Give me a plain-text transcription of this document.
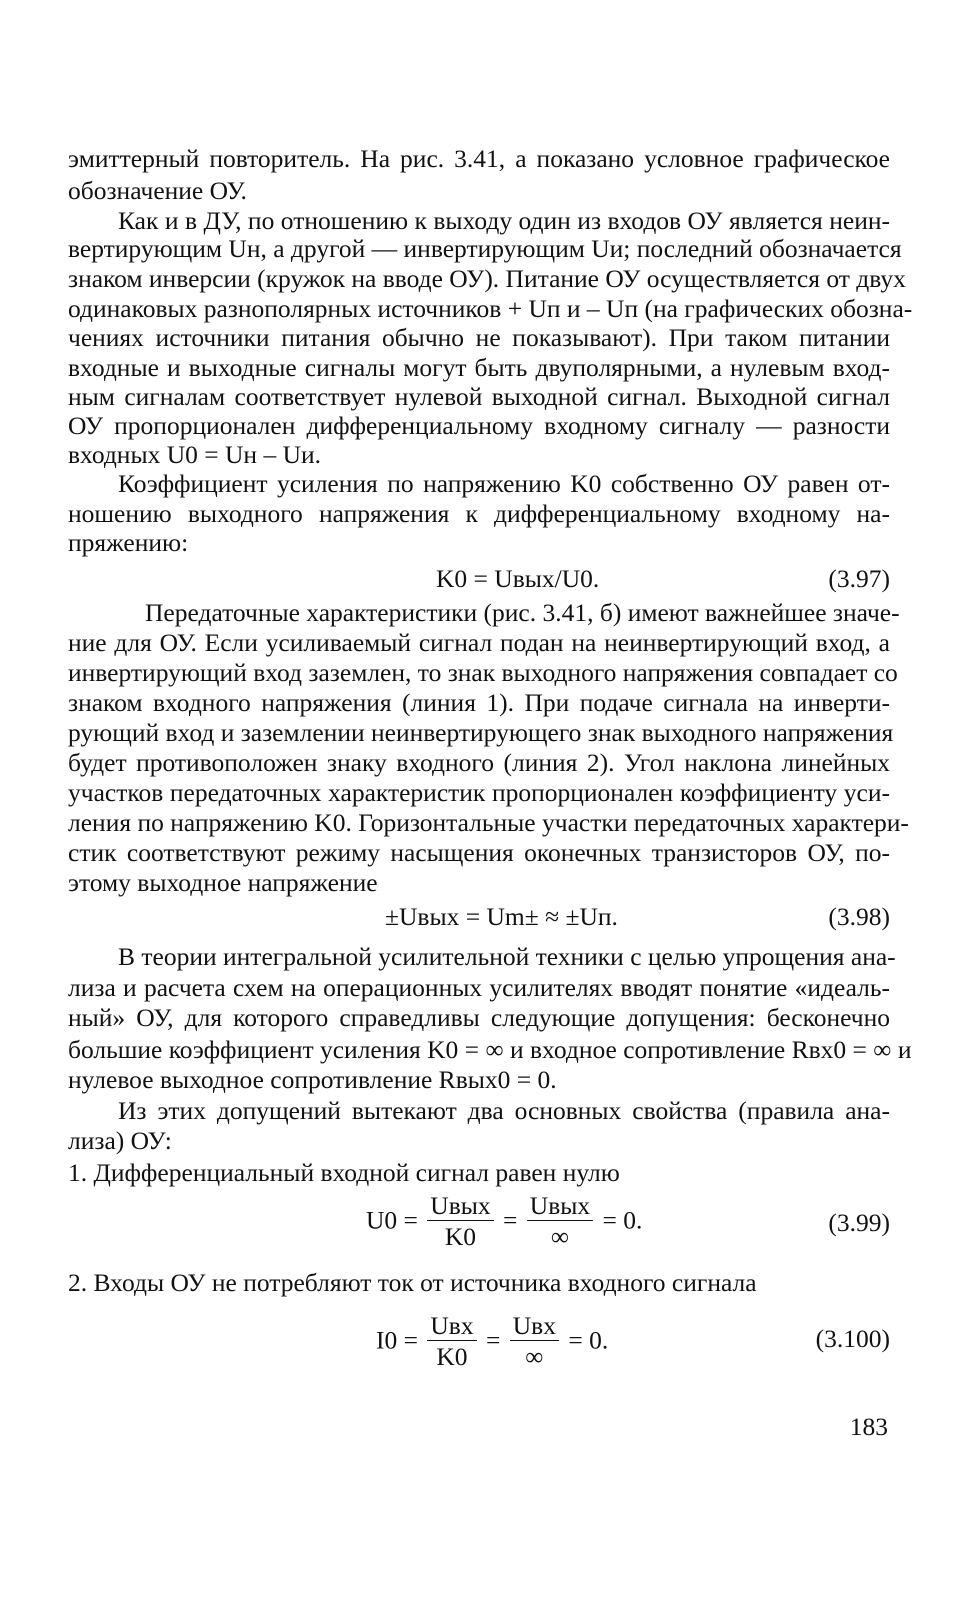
эмиттерный повторитель. На рис. 3.41, а показано условное графическое

обозначение ОУ.

Как и в ДУ, по отношению к выходу один из входов ОУ является неин-

вертирующим Uн, а другой — инвертирующим Uи; последний обозначается

знаком инверсии (кружок на вводе ОУ). Питание ОУ осуществляется от двух

одинаковых разнополярных источников + Uп и – Uп (на графических обозна-

чениях источники питания обычно не показывают). При таком питании

входные и выходные сигналы могут быть двуполярными, а нулевым вход-

ным сигналам соответствует нулевой выходной сигнал. Выходной сигнал

ОУ пропорционален дифференциальному входному сигналу — разности

входных U0 = Uн – Uи.

Коэффициент усиления по напряжению K0 собственно ОУ равен от-

ношению выходного напряжения к дифференциальному входному на-

пряжению:

K0 = Uвых/U0.	(3.97)

Передаточные характеристики (рис. 3.41, б) имеют важнейшее значе-

ние для ОУ. Если усиливаемый сигнал подан на неинвертирующий вход, а

инвертирующий вход заземлен, то знак выходного напряжения совпадает со

знаком входного напряжения (линия 1). При подаче сигнала на инверти-

рующий вход и заземлении неинвертирующего знак выходного напряжения

будет противоположен знаку входного (линия 2). Угол наклона линейных

участков передаточных характеристик пропорционален коэффициенту уси-

ления по напряжению K0. Горизонтальные участки передаточных характери-

стик соответствуют режиму насыщения оконечных транзисторов ОУ, по-

этому выходное напряжение

±Uвых = Um± ≈ ±Uп.	(3.98)

В теории интегральной усилительной техники с целью упрощения ана-

лиза и расчета схем на операционных усилителях вводят понятие «идеаль-

ный» ОУ, для которого справедливы следующие допущения: бесконечно

большие коэффициент усиления K0 = ∞ и входное сопротивление Rвх0 = ∞ и

нулевое выходное сопротивление Rвых0 = 0.

Из этих допущений вытекают два основных свойства (правила ана-

лиза) ОУ:

1. Дифференциальный входной сигнал равен нулю

$U0 = \frac{\text{Uвых}}{K0} = \frac{\text{Uвых}}{\infty} = 0$.	(3.99)

2. Входы ОУ не потребляют ток от источника входного сигнала

$I0 = \frac{\text{Uвх}}{K0} = \frac{\text{Uвх}}{\infty} = 0$.	(3.100)
183
